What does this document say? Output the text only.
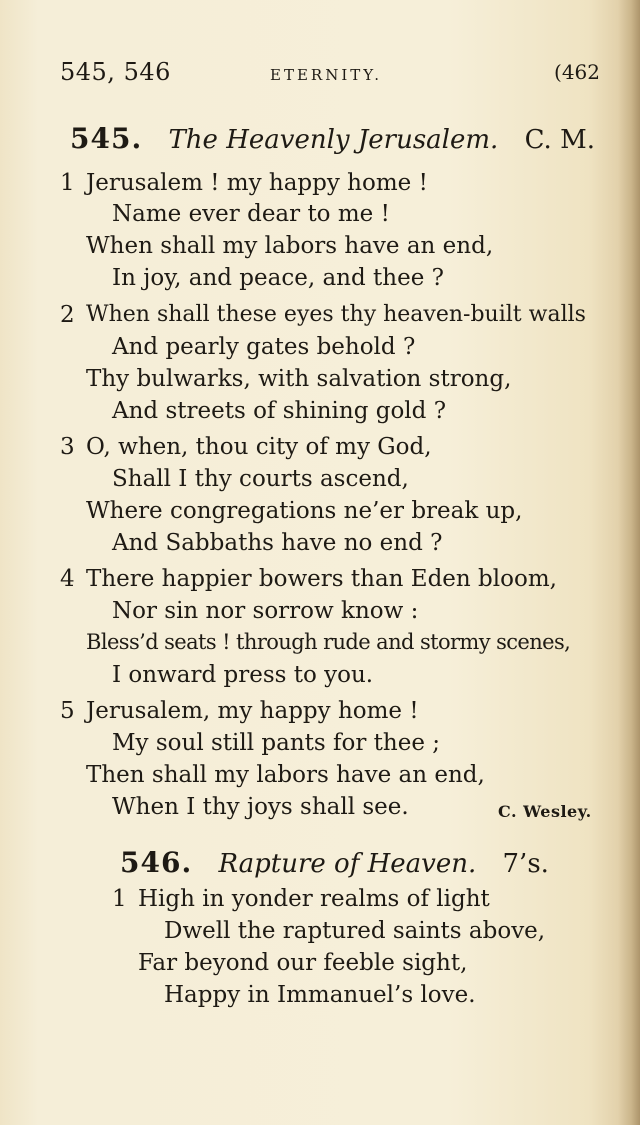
545, 546	ETERNITY.	(462
545. The Heavenly Jerusalem. C. M.
1 Jerusalem ! my happy home !
Name ever dear to me !
When shall my labors have an end,
In joy, and peace, and thee ?
2 When shall these eyes thy heaven-built walls
And pearly gates behold ?
Thy bulwarks, with salvation strong,
And streets of shining gold ?
3 O, when, thou city of my God,
Shall I thy courts ascend,
Where congregations ne’er break up,
And Sabbaths have no end ?
4 There happier bowers than Eden bloom,
Nor sin nor sorrow know :
Bless’d seats ! through rude and stormy scenes,
I onward press to you.
5 Jerusalem, my happy home !
My soul still pants for thee ;
Then shall my labors have an end,
When I thy joys shall see.	C. Wesley.
546. Rapture of Heaven. 7’s.
1 High in yonder realms of light
Dwell the raptured saints above,
Far beyond our feeble sight,
Happy in Immanuel’s love.
